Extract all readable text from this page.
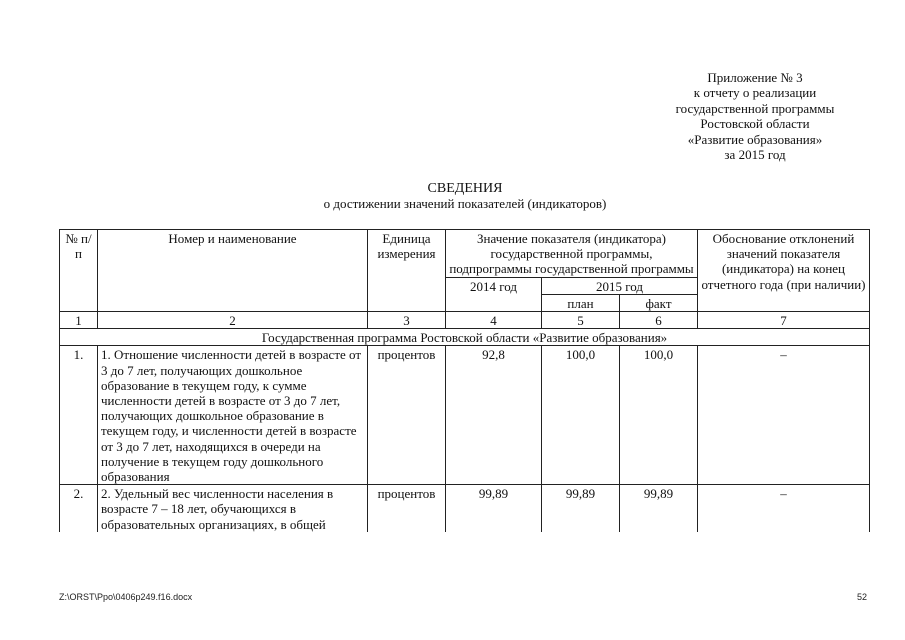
Приложение № 3
к отчету о реализации
государственной программы
Ростовской области
«Развитие образования»
за 2015 год
СВЕДЕНИЯ
о достижении значений показателей (индикаторов)
№ п/п	Номер и наименование	Единица измерения	Значение показателя (индикатора) государственной программы, подпрограммы государственной программы			Обоснование отклонений значений показателя (индикатора) на конец отчетного года (при наличии)
			2014 год	2015 год		
				план	факт	
1	2	3	4	5	6	7
Государственная программа Ростовской области «Развитие образования»						
1.	1. Отношение численности детей в возрасте от 3 до 7 лет, получающих дошкольное образование в текущем году, к сумме численности детей в возрасте от 3 до 7 лет, получающих дошкольное образование в текущем году, и численности детей в возрасте от 3 до 7 лет, находящихся в очереди на получение в текущем году дошкольного образования	процентов	92,8	100,0	100,0	–
2.	2. Удельный вес численности населения в возрасте 7 – 18 лет, обучающихся в образовательных организациях, в общей	процентов	99,89	99,89	99,89	–
Z:\ORST\Ppo\0406p249.f16.docx	52
